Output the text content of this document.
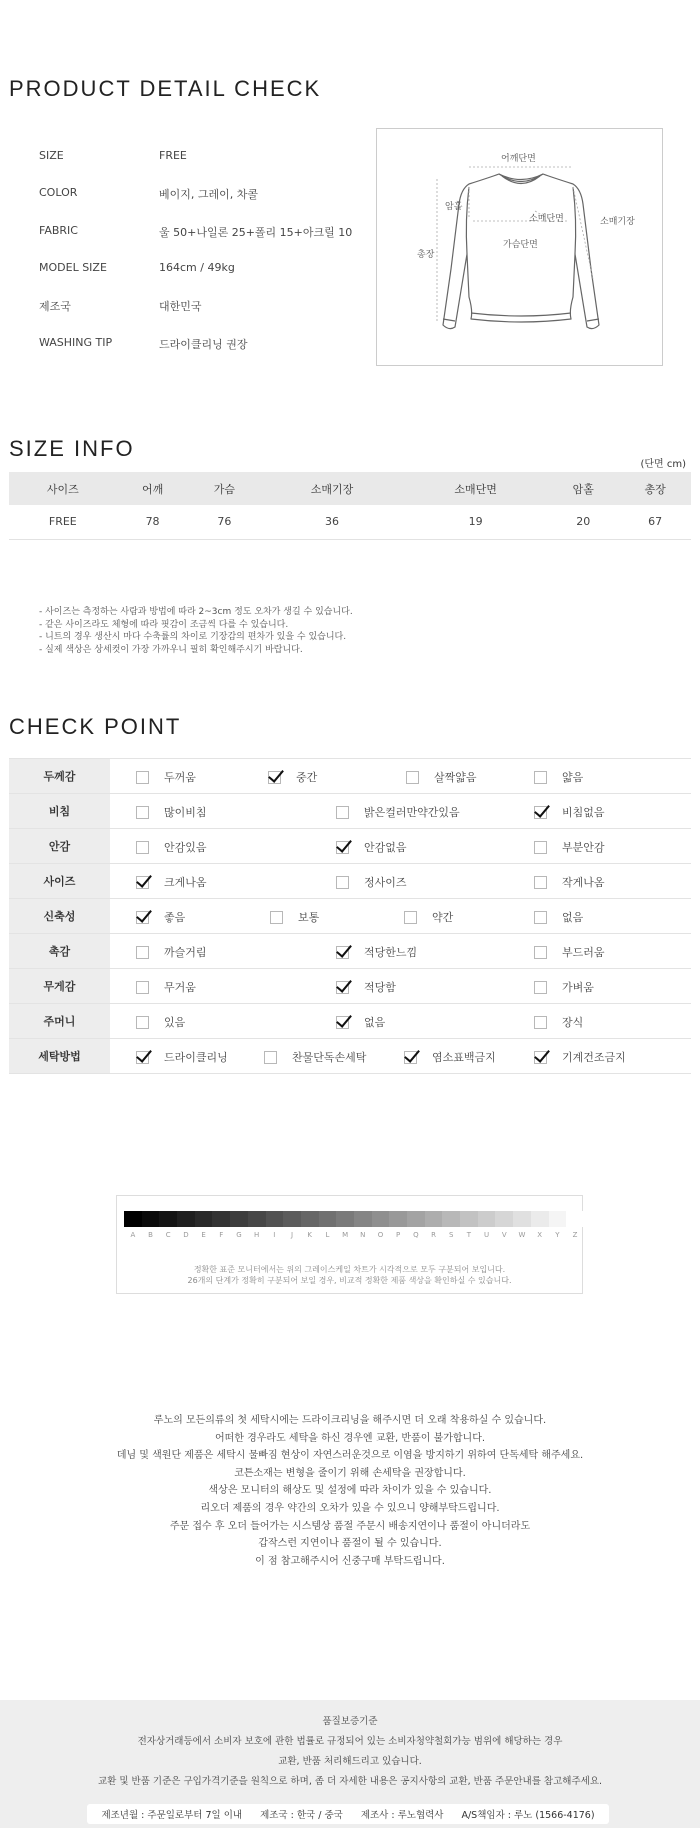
PRODUCT DETAIL CHECK
SIZE	FREE
COLOR	베이지, 그레이, 차콜
FABRIC	울 50+나일론 25+폴리 15+아크릴 10
MODEL SIZE	164cm / 49kg
제조국	대한민국
WASHING TIP	드라이클리닝 권장
어깨단면
암홀
소매단면	소매기장
가슴단면
총장
SIZE INFO
(단면 cm)
사이즈	어깨	가슴	소매기장	소매단면	암홀	총장
FREE	78	76	36	19	20	67
- 사이즈는 측정하는 사람과 방법에 따라 2~3cm 정도 오차가 생길 수 있습니다.
- 같은 사이즈라도 체형에 따라 핏감이 조금씩 다를 수 있습니다.
- 니트의 경우 생산시 마다 수축률의 차이로 기장감의 편차가 있을 수 있습니다.
- 실제 색상은 상세컷이 가장 가까우니 필히 확인해주시기 바랍니다.
CHECK POINT
두께감	두꺼움 중간 살짝얇음 얇음

비침	많이비침 밝은컬러만약간있음 비침없음

안감	안감있음 안감없음 부분안감

사이즈	크게나옴 정사이즈 작게나옴

신축성	좋음 보통 약간 없음

촉감	까슬거림 적당한느낌 부드러움

무게감	무거움 적당함 가벼움

주머니	있음 없음 장식

세탁방법	드라이클리닝 찬물단독손세탁 염소표백금지 기계건조금지
A	B	C	D	E	F	G	H	I	J	K	L	M	N	O	P	Q	R	S	T	U	V	W	X	Y	Z
정확한 표준 모니터에서는 위의 그레이스케일 차트가 시각적으로 모두 구분되어 보입니다.
26개의 단계가 정확히 구분되어 보일 경우, 비교적 정확한 제품 색상을 확인하실 수 있습니다.
루노의 모든의류의 첫 세탁시에는 드라이크리닝을 해주시면 더 오래 착용하실 수 있습니다.
어떠한 경우라도 세탁을 하신 경우엔 교환, 반품이 불가합니다.
데님 및 색원단 제품은 세탁시 물빠짐 현상이 자연스러운것으로 이염을 방지하기 위하여 단독세탁 해주세요.
코튼소재는 변형을 줄이기 위해 손세탁을 권장합니다.
색상은 모니터의 해상도 및 설정에 따라 차이가 있을 수 있습니다.
리오더 제품의 경우 약간의 오차가 있을 수 있으니 양해부탁드립니다.
주문 접수 후 오더 들어가는 시스템상 품절 주문시 배송지연이나 품절이 아니더라도
갑작스런 지연이나 품절이 될 수 있습니다.
이 점 참고해주시어 신중구매 부탁드립니다.
품질보증기준
전자상거래등에서 소비자 보호에 관한 법률로 규정되어 있는 소비자청약철회가능 범위에 해당하는 경우
교환, 반품 처리해드리고 있습니다.
교환 및 반품 기준은 구입가격기준을 원칙으로 하며, 좀 더 자세한 내용은 공지사항의 교환, 반품 주문안내를 참고해주세요.
제조년월 : 주문일로부터 7일 이내 제조국 : 한국 / 중국 제조사 : 루노협력사 A/S책임자 : 루노 (1566-4176)
